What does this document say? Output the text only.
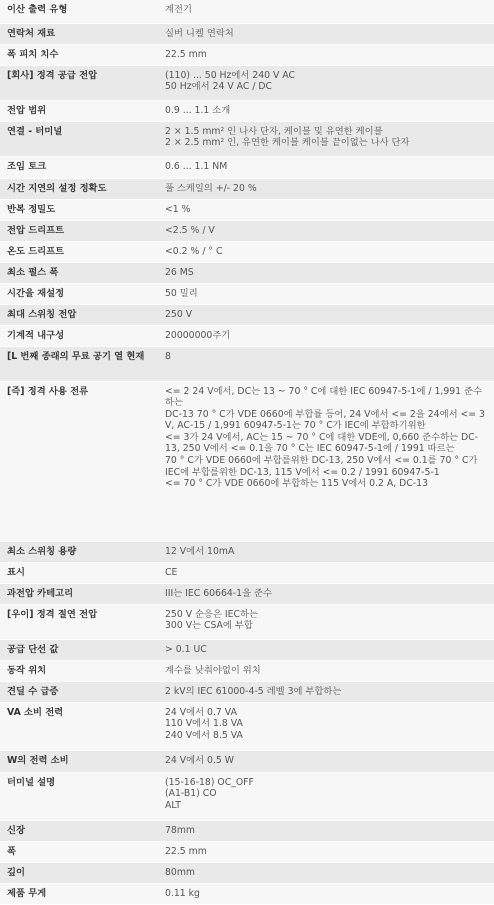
이산 출력 유형	계전기

연락처 재료	실버 니켈 연락처

폭 피치 치수	22.5 mm

[회사] 정격 공급 전압	(110) ... 50 Hz에서 240 V AC
50 Hz에서 24 V AC / DC

전압 범위	0.9 ... 1.1 소개

연결 - 터미널	2 × 1.5 mm² 인 나사 단자, 케이블 및 유연한 케이블
2 × 2.5 mm² 인, 유연한 케이블 케이블 끝이없는 나사 단자

조임 토크	0.6 ... 1.1 NM

시간 지연의 설정 정확도	풀 스케일의 +/- 20 %

반복 정밀도	<1 %

전압 드리프트	<2.5 % / V

온도 드리프트	<0.2 % / ° C

최소 펄스 폭	26 MS

시간을 재설정	50 밀리

최대 스위칭 전압	250 V

기계적 내구성	20000000주기

[L 번째 종래의 무료 공기 열 현재	8

[즉] 정격 사용 전류	<= 2 24 V에서, DC는 13 ~ 70 ° C에 대한 IEC 60947-5-1에 / 1,991 준수하는
DC-13 70 ° C가 VDE 0660에 부합률 등어, 24 V에서 <= 2을 24에서 <= 3 V, AC-15 / 1,991 60947-5-1는 70 ° C가 IEC에 부합하기위한
<= 3가 24 V에서, AC는 15 ~ 70 ° C에 대한 VDE에, 0,660 준수하는 DC-13, 250 V에서 <= 0.1을 70 ° C는 IEC 60947-5-1에 / 1991 따르는
70 ° C가 VDE 0660에 부합를위한 DC-13, 250 V에서 <= 0.1를 70 ° C가 IEC에 부합를위한 DC-13, 115 V에서 <= 0.2 / 1991 60947-5-1
<= 70 ° C가 VDE 0660에 부합하는 115 V에서 0.2 A, DC-13

최소 스위칭 용량	12 V에서 10mA

표시	CE

과전압 카테고리	III는 IEC 60664-1을 준수

[우이] 정격 절연 전압	250 V 순응은 IEC하는
300 V는 CSA에 부합

공급 단선 값	> 0.1 UC

동작 위치	계수를 낮춰야없이 위치

견딜 수 급증	2 kV의 IEC 61000-4-5 레벨 3에 부합하는

VA 소비 전력	24 V에서 0.7 VA
110 V에서 1.8 VA
240 V에서 8.5 VA

W의 전력 소비	24 V에서 0.5 W

터미널 설명	(15-16-18) OC_OFF
(A1-B1) CO
ALT

신장	78mm

폭	22.5 mm

깊이	80mm

제품 무게	0.11 kg
